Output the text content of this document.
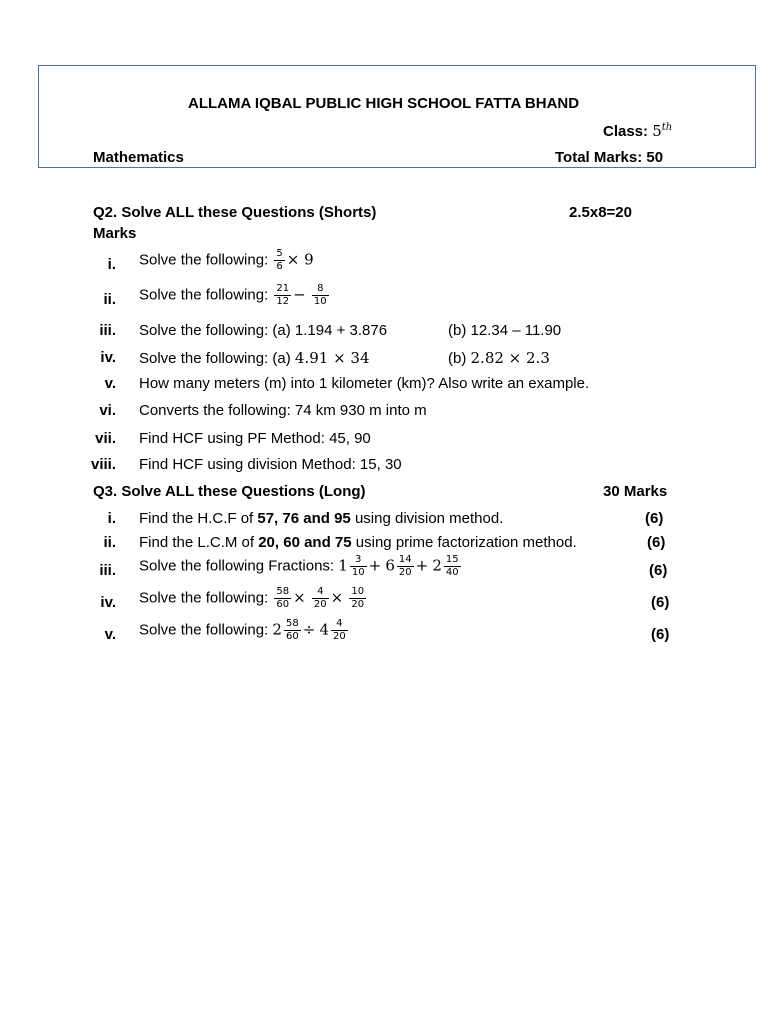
ALLAMA IQBAL PUBLIC HIGH SCHOOL FATTA BHAND
Class: 5th
Mathematics	Total Marks: 50
Q2. Solve ALL these Questions (Shorts)	2.5x8=20
Marks
i. Solve the following: $\frac{5}{6} \times 9$
ii. Solve the following: $\frac{21}{12} - \frac{8}{10}$
iii. Solve the following: (a) 1.194 + 3.876	(b) 12.34 – 11.90
iv. Solve the following: (a) 4.91 × 34	(b) 2.82 × 2.3
v. How many meters (m) into 1 kilometer (km)? Also write an example.
vi. Converts the following: 74 km 930 m into m
vii. Find HCF using PF Method: 45, 90
viii. Find HCF using division Method: 15, 30
Q3. Solve ALL these Questions (Long)	30 Marks
i. Find the H.C.F of 57, 76 and 95 using division method.	(6)
ii. Find the L.C.M of 20, 60 and 75 using prime factorization method.	(6)
iii. Solve the following Fractions: $1 \frac{3}{10} + 6 \frac{14}{20} + 2 \frac{15}{40}$	(6)
iv. Solve the following: $\frac{58}{60} \times \frac{4}{20} \times \frac{10}{20}$	(6)
v. Solve the following: $2 \frac{58}{60} \div 4 \frac{4}{20}$	(6)
